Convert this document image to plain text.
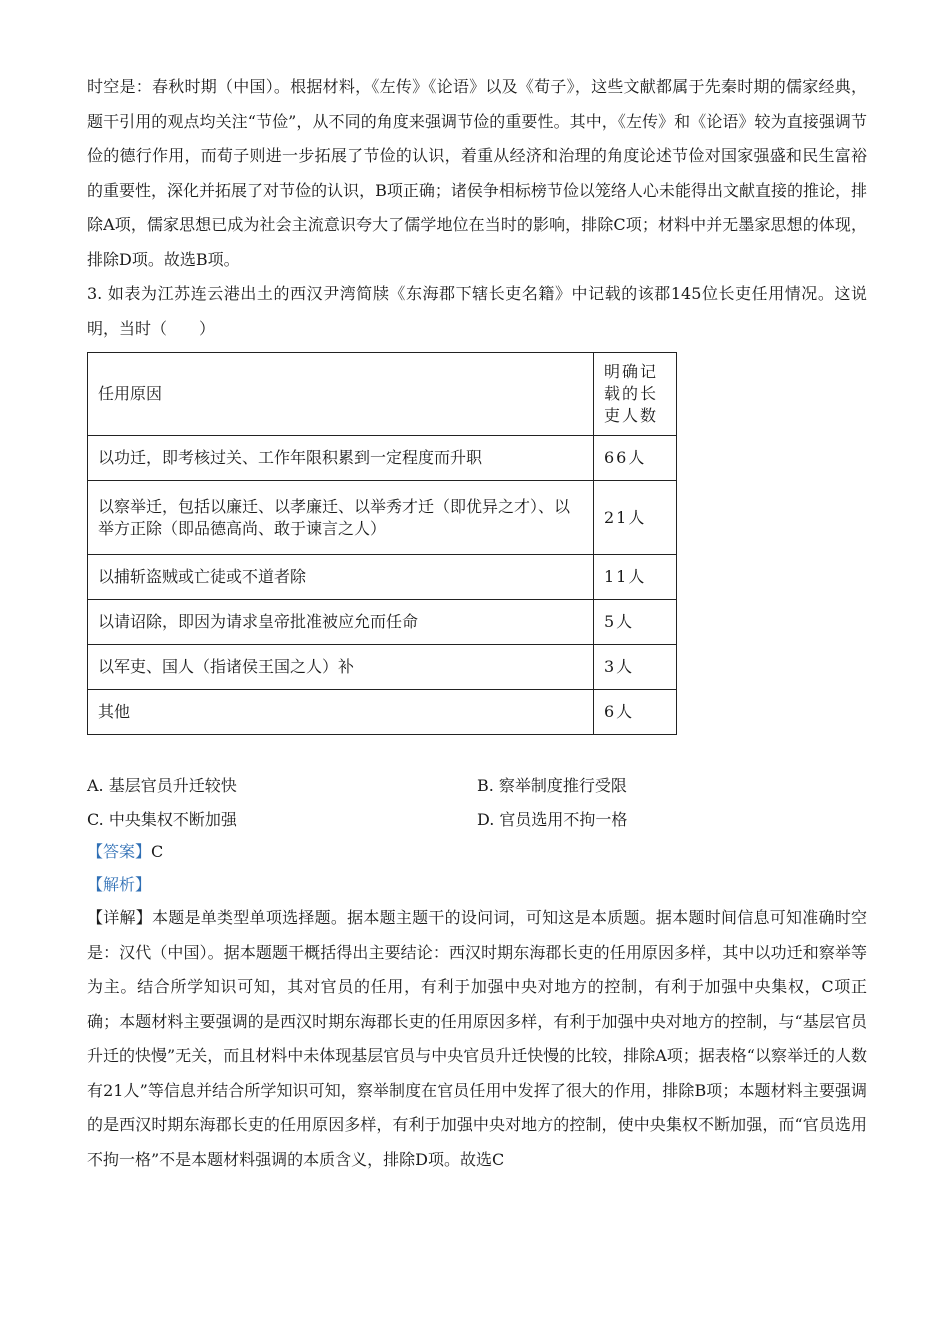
时空是：春秋时期（中国）。根据材料，《左传》《论语》以及《荀子》，这些文献都属于先秦时期的儒家经典，题干引用的观点均关注“节俭”，从不同的角度来强调节俭的重要性。其中，《左传》和《论语》较为直接强调节俭的德行作用，而荀子则进一步拓展了节俭的认识，着重从经济和治理的角度论述节俭对国家强盛和民生富裕的重要性，深化并拓展了对节俭的认识，B项正确；诸侯争相标榜节俭以笼络人心未能得出文献直接的推论，排除A项，儒家思想已成为社会主流意识夸大了儒学地位在当时的影响，排除C项；材料中并无墨家思想的体现，排除D项。故选B项。

3. 如表为江苏连云港出土的西汉尹湾简牍《东海郡下辖长吏名籍》中记载的该郡145位长吏任用情况。这说明，当时（　　）

任用原因	明确记载的长吏人数
以功迁，即考核过关、工作年限积累到一定程度而升职	66人
以察举迁，包括以廉迁、以孝廉迁、以举秀才迁（即优异之才）、以举方正除（即品德高尚、敢于谏言之人）	21人
以捕斩盗贼或亡徒或不道者除	11人
以请诏除，即因为请求皇帝批准被应允而任命	5人
以军吏、国人（指诸侯王国之人）补	3人
其他	6人
A. 基层官员升迁较快	B. 察举制度推行受限
C. 中央集权不断加强	D. 官员选用不拘一格
【答案】C
【解析】

【详解】本题是单类型单项选择题。据本题主题干的设问词，可知这是本质题。据本题时间信息可知准确时空是：汉代（中国）。据本题题干概括得出主要结论：西汉时期东海郡长吏的任用原因多样，其中以功迁和察举等为主。结合所学知识可知，其对官员的任用，有利于加强中央对地方的控制，有利于加强中央集权，C项正确；本题材料主要强调的是西汉时期东海郡长吏的任用原因多样，有利于加强中央对地方的控制，与“基层官员升迁的快慢”无关，而且材料中未体现基层官员与中央官员升迁快慢的比较，排除A项；据表格“以察举迁的人数有21人”等信息并结合所学知识可知，察举制度在官员任用中发挥了很大的作用，排除B项；本题材料主要强调的是西汉时期东海郡长吏的任用原因多样，有利于加强中央对地方的控制，使中央集权不断加强，而“官员选用不拘一格”不是本题材料强调的本质含义，排除D项。故选C
